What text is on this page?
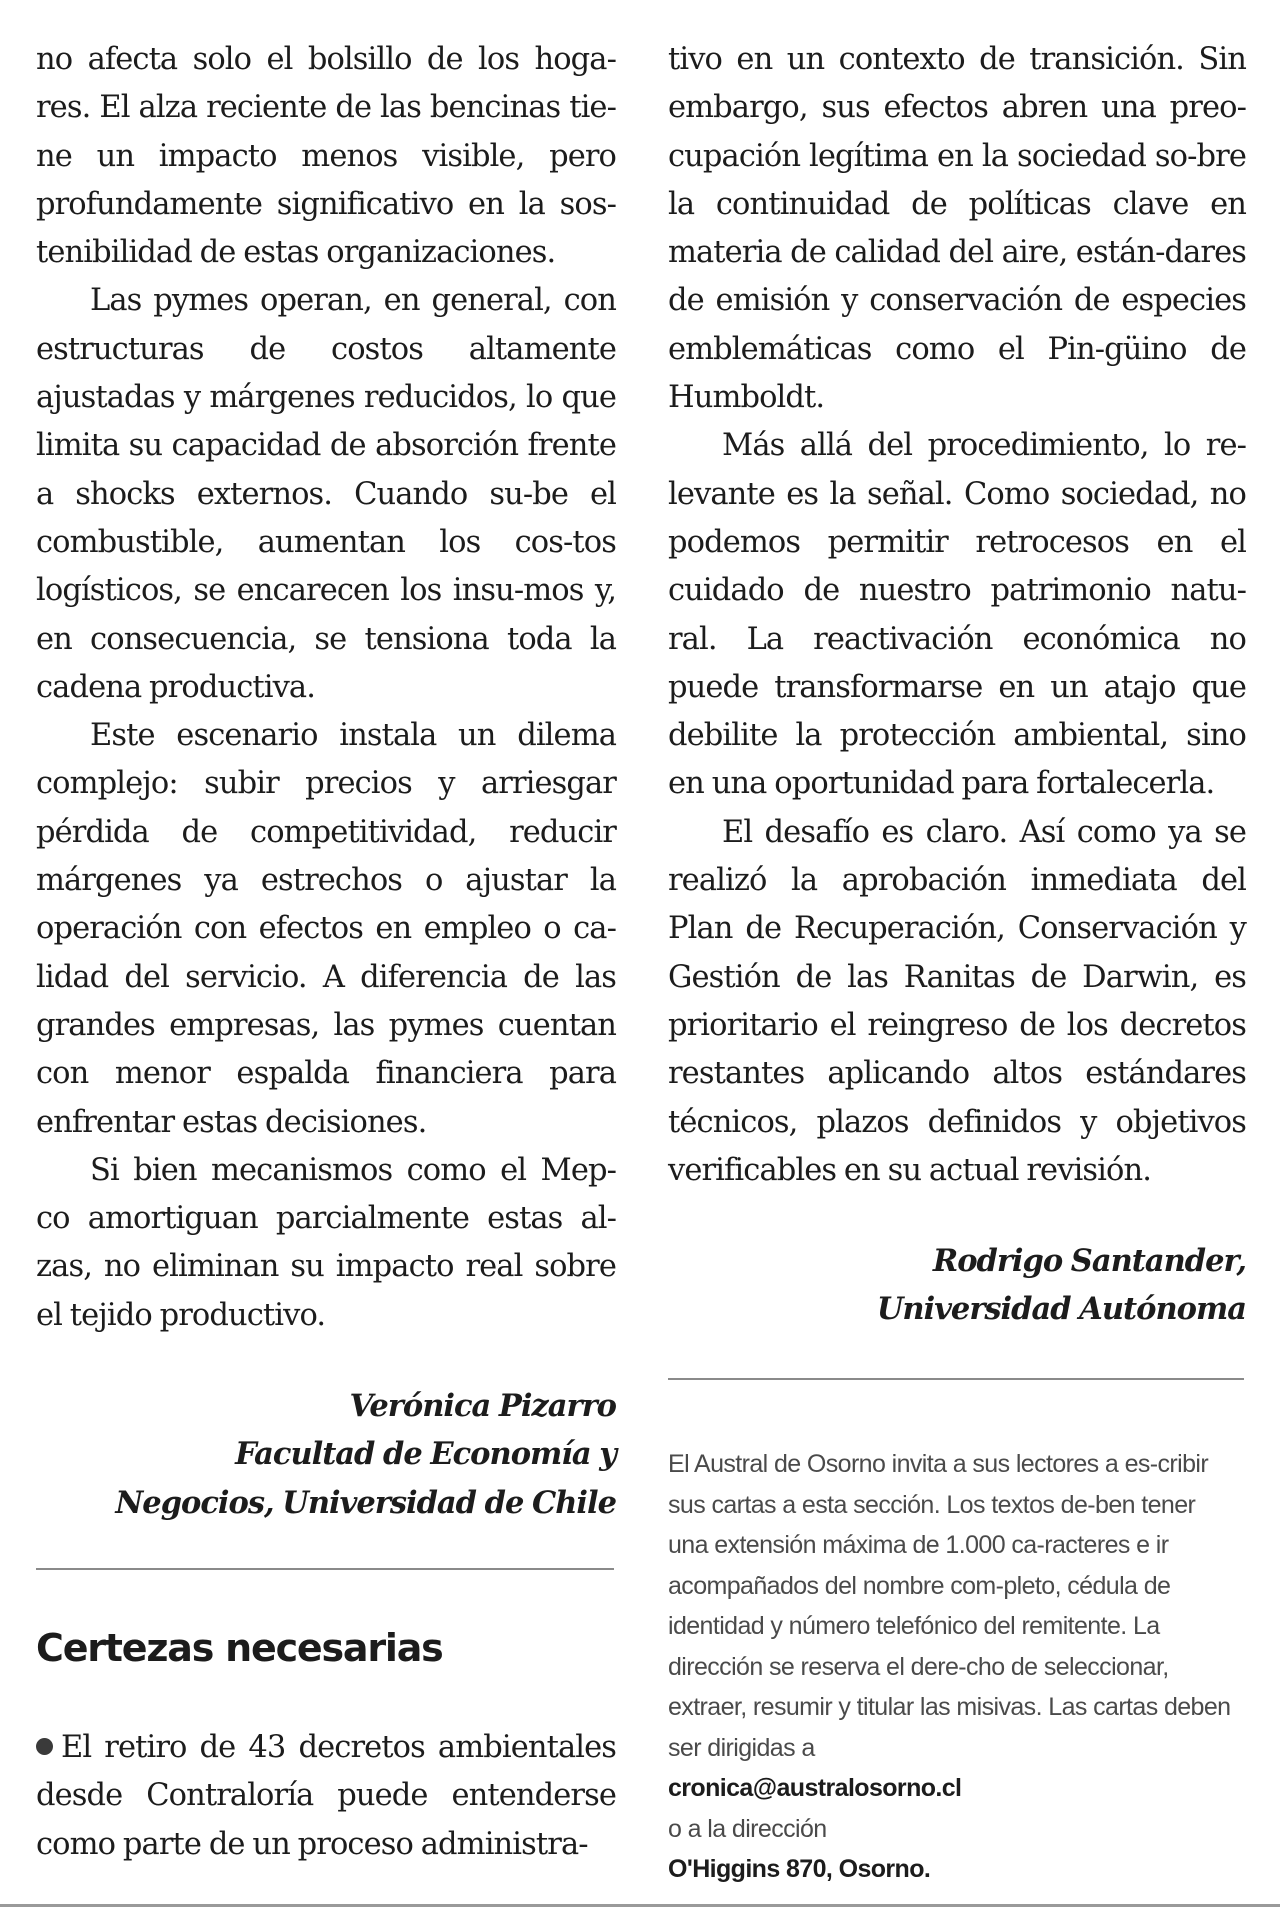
no afecta solo el bolsillo de los hoga-res. El alza reciente de las bencinas tie-ne un impacto menos visible, pero profundamente significativo en la sos-tenibilidad de estas organizaciones.

Las pymes operan, en general, con estructuras de costos altamente ajustadas y márgenes reducidos, lo que limita su capacidad de absorción frente a shocks externos. Cuando su-be el combustible, aumentan los cos-tos logísticos, se encarecen los insu-mos y, en consecuencia, se tensiona toda la cadena productiva.

Este escenario instala un dilema complejo: subir precios y arriesgar pérdida de competitividad, reducir márgenes ya estrechos o ajustar la operación con efectos en empleo o ca-lidad del servicio. A diferencia de las grandes empresas, las pymes cuentan con menor espalda financiera para enfrentar estas decisiones.

Si bien mecanismos como el Mep-co amortiguan parcialmente estas al-zas, no eliminan su impacto real sobre el tejido productivo.

Verónica Pizarro
Facultad de Economía y
Negocios, Universidad de Chile
Certezas necesarias

El retiro de 43 decretos ambientales desde Contraloría puede entenderse como parte de un proceso administra-

tivo en un contexto de transición. Sin embargo, sus efectos abren una preo-cupación legítima en la sociedad so-bre la continuidad de políticas clave en materia de calidad del aire, están-dares de emisión y conservación de especies emblemáticas como el Pin-güino de Humboldt.

Más allá del procedimiento, lo re-levante es la señal. Como sociedad, no podemos permitir retrocesos en el cuidado de nuestro patrimonio natu-ral. La reactivación económica no puede transformarse en un atajo que debilite la protección ambiental, sino en una oportunidad para fortalecerla.

El desafío es claro. Así como ya se realizó la aprobación inmediata del Plan de Recuperación, Conservación y Gestión de las Ranitas de Darwin, es prioritario el reingreso de los decretos restantes aplicando altos estándares técnicos, plazos definidos y objetivos verificables en su actual revisión.

Rodrigo Santander,
Universidad Autónoma

El Austral de Osorno invita a sus lectores a es-cribir sus cartas a esta sección. Los textos de-ben tener una extensión máxima de 1.000 ca-racteres e ir acompañados del nombre com-pleto, cédula de identidad y número telefónico del remitente. La dirección se reserva el dere-cho de seleccionar, extraer, resumir y titular las misivas. Las cartas deben ser dirigidas a

cronica@australosorno.cl

o a la dirección

O'Higgins 870, Osorno.
